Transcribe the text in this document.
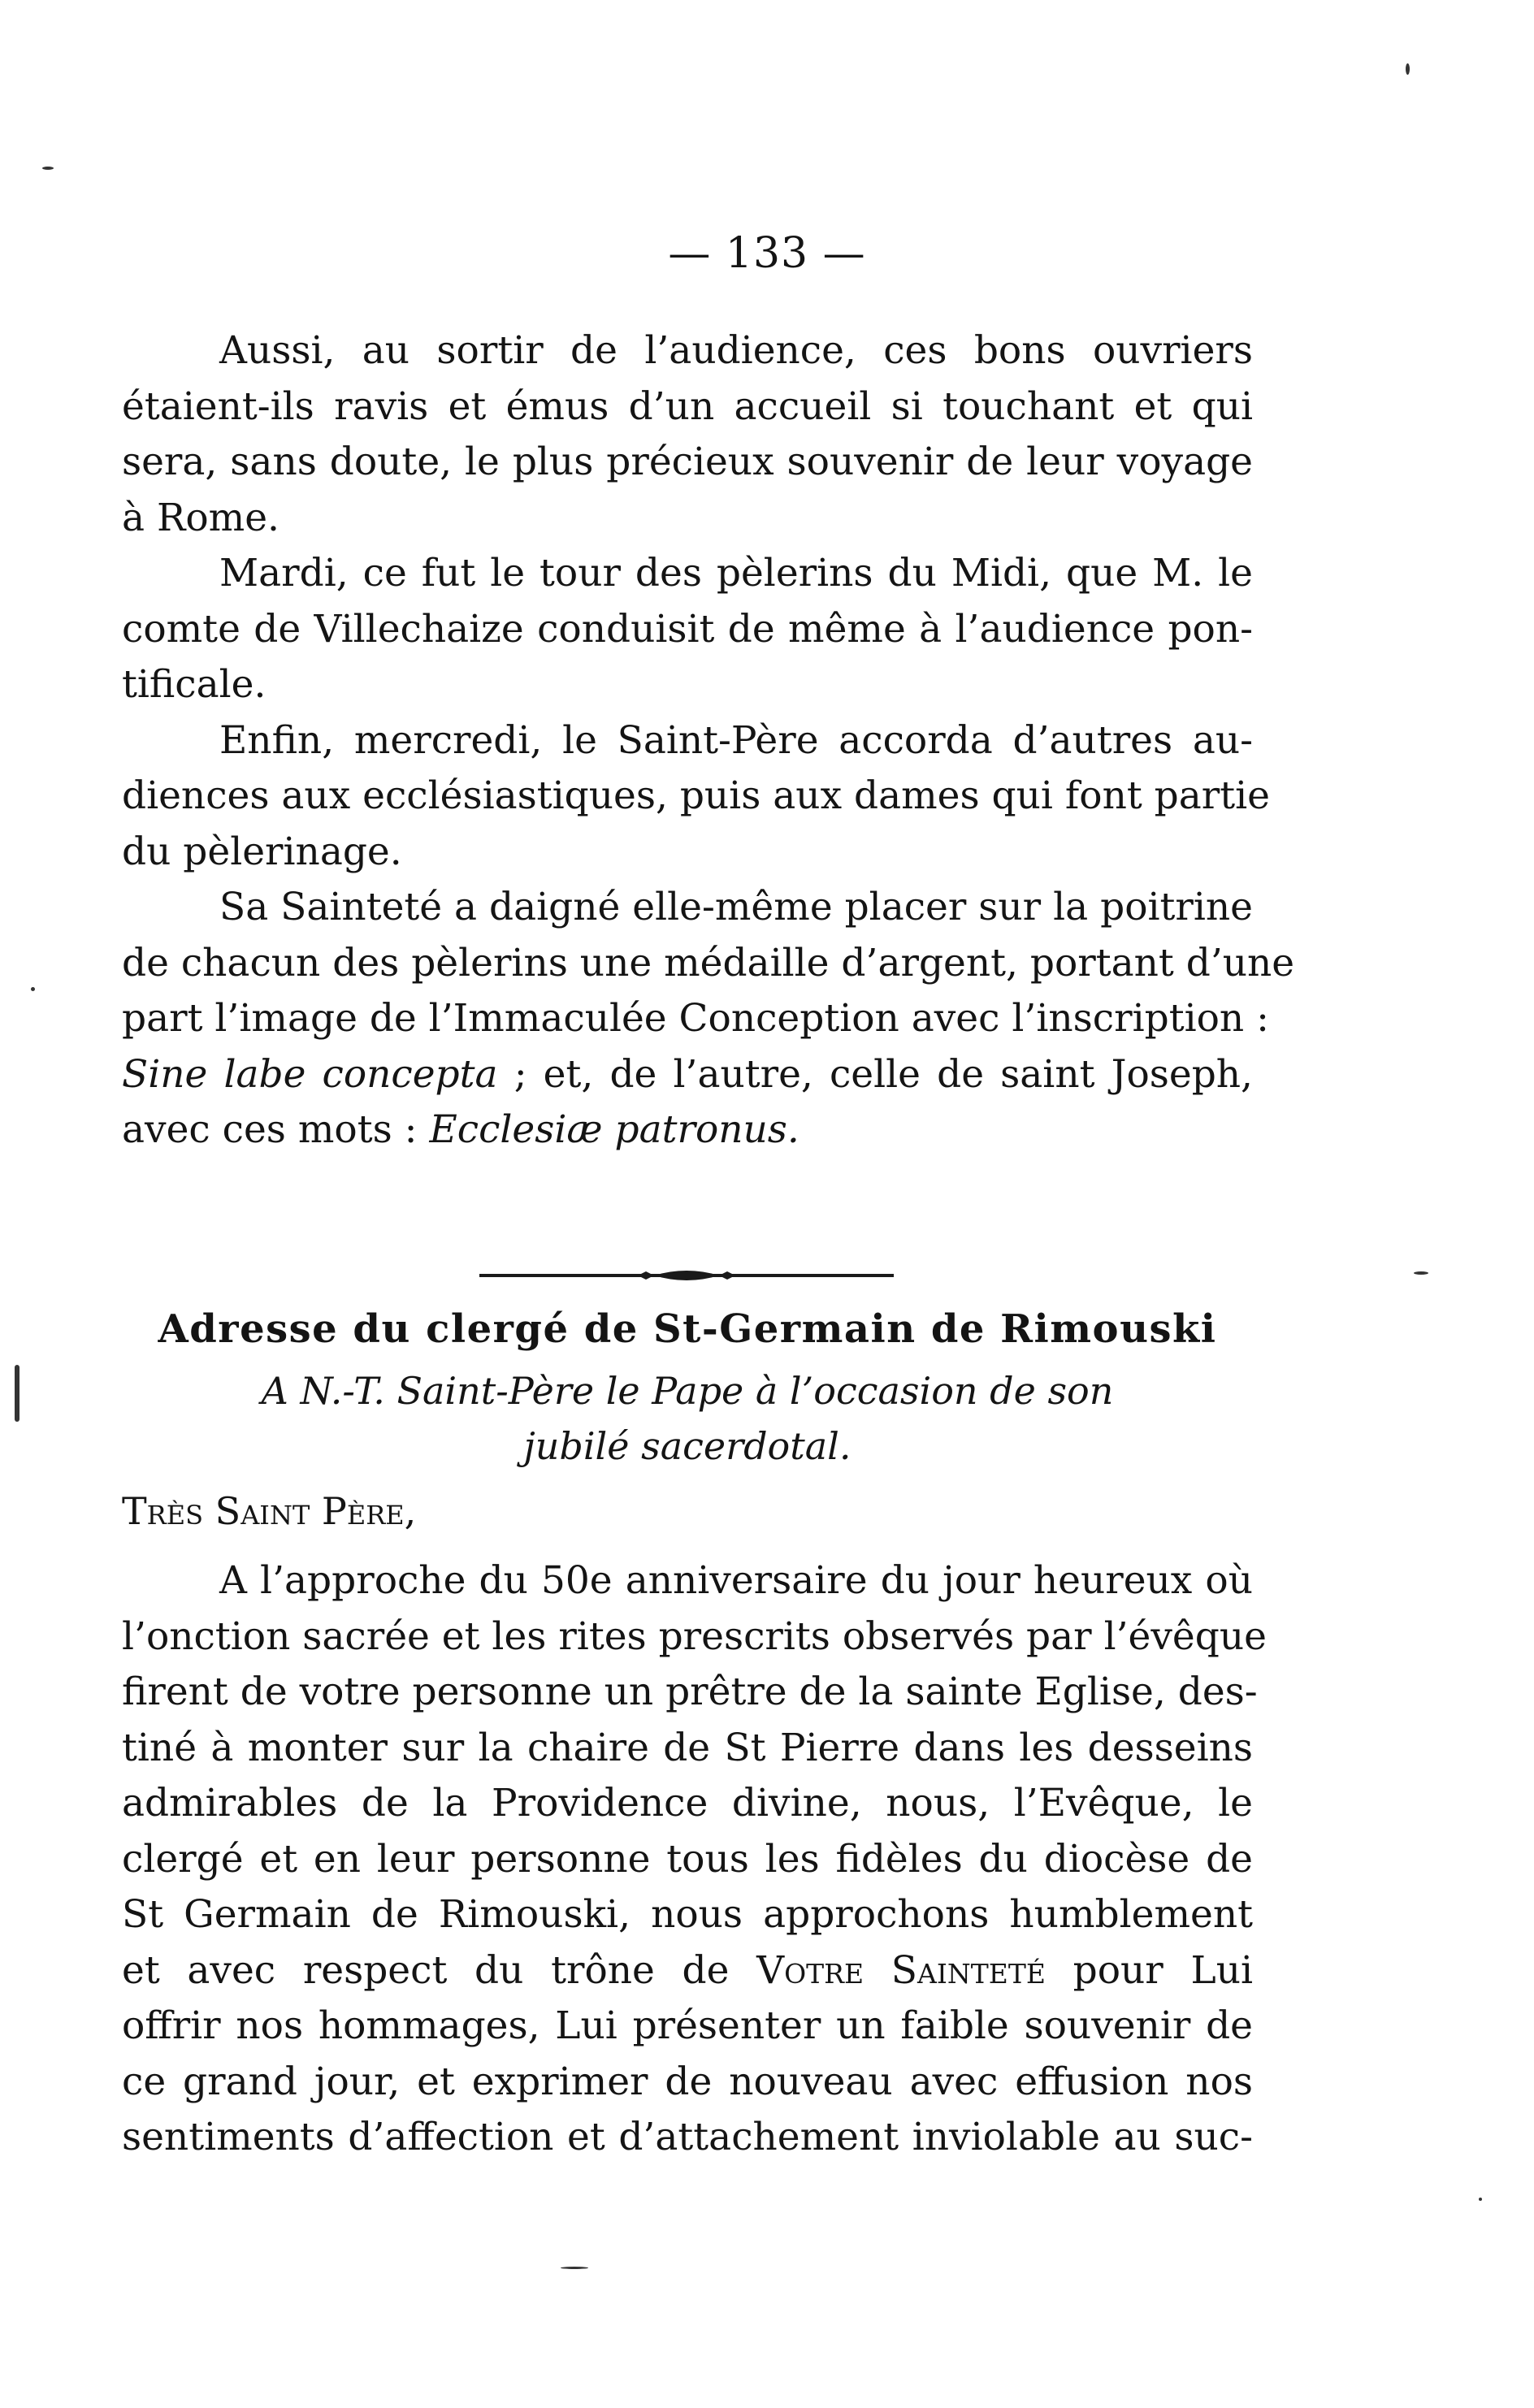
— 133 —

Aussi, au sortir de l’audience, ces bons ouvriers
étaient-ils ravis et émus d’un accueil si touchant et qui
sera, sans doute, le plus précieux souvenir de leur voyage
à Rome.

Mardi, ce fut le tour des pèlerins du Midi, que M. le
comte de Villechaize conduisit de même à l’audience pon-
tificale.

Enfin, mercredi, le Saint-Père accorda d’autres au-
diences aux ecclésiastiques, puis aux dames qui font partie
du pèlerinage.

Sa Sainteté a daigné elle-même placer sur la poitrine
de chacun des pèlerins une médaille d’argent, portant d’une
part l’image de l’Immaculée Conception avec l’inscription :
Sine labe concepta ; et, de l’autre, celle de saint Joseph,
avec ces mots : Ecclesiæ patronus.

Adresse du clergé de St-Germain de Rimouski
A N.-T. Saint-Père le Pape à l’occasion de son
jubilé sacerdotal.
Très Saint Père,

A l’approche du 50e anniversaire du jour heureux où
l’onction sacrée et les rites prescrits observés par l’évêque
firent de votre personne un prêtre de la sainte Eglise, des-
tiné à monter sur la chaire de St Pierre dans les desseins
admirables de la Providence divine, nous, l’Evêque, le
clergé et en leur personne tous les fidèles du diocèse de
St Germain de Rimouski, nous approchons humblement
et avec respect du trône de Votre Sainteté pour Lui
offrir nos hommages, Lui présenter un faible souvenir de
ce grand jour, et exprimer de nouveau avec effusion nos
sentiments d’affection et d’attachement inviolable au suc-
